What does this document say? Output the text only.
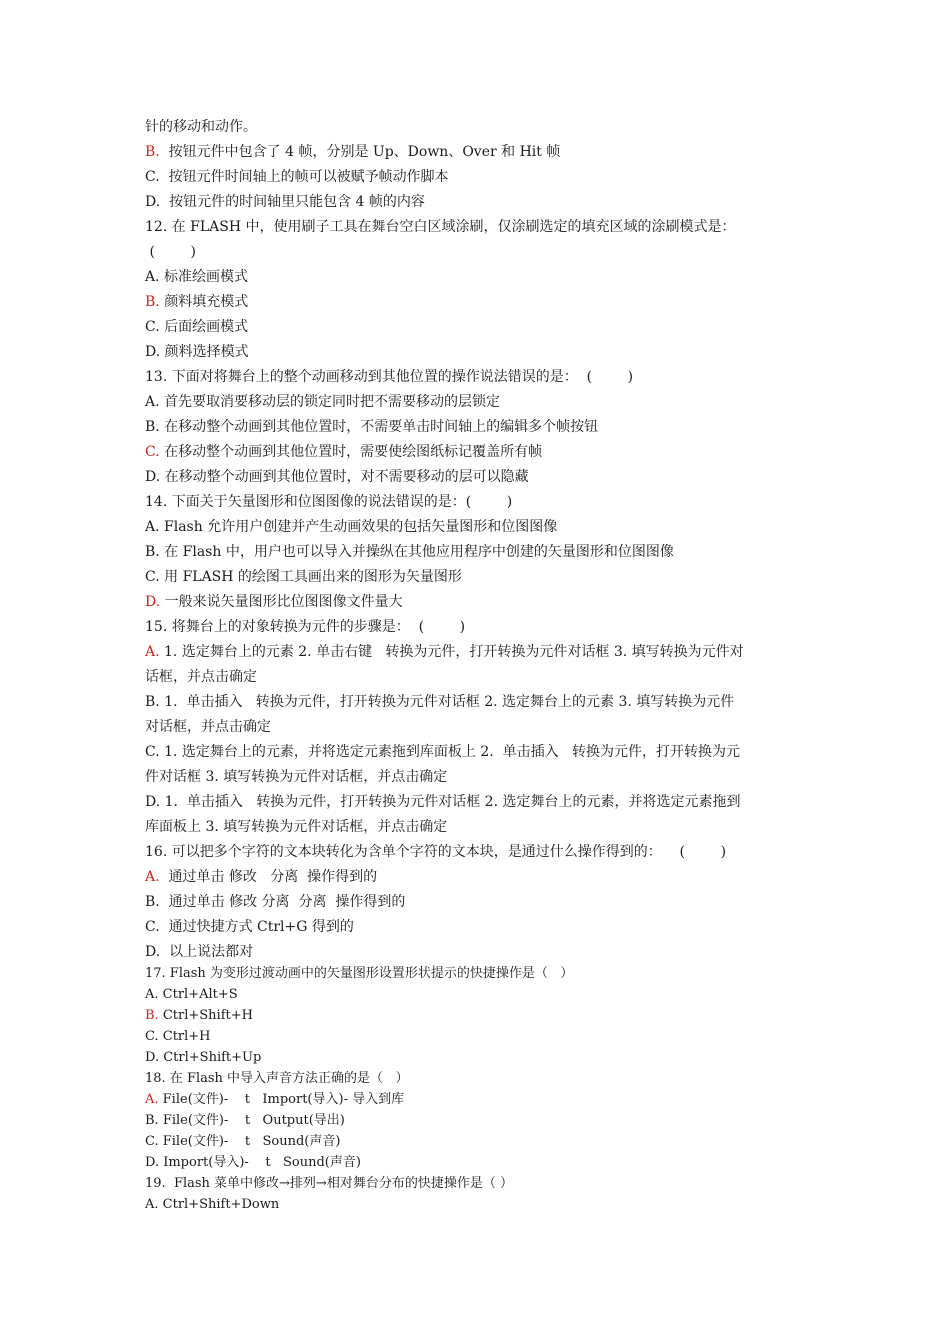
针的移动和动作。
B.  按钮元件中包含了 4 帧，分别是 Up、Down、Over 和 Hit 帧
C.  按钮元件时间轴上的帧可以被赋予帧动作脚本
D.  按钮元件的时间轴里只能包含 4 帧的内容
12. 在 FLASH 中，使用刷子工具在舞台空白区域涂刷，仅涂刷选定的填充区域的涂刷模式是：
(        )
A. 标准绘画模式
B. 颜料填充模式
C. 后面绘画模式
D. 颜料选择模式
13. 下面对将舞台上的整个动画移动到其他位置的操作说法错误的是：  (        )
A. 首先要取消要移动层的锁定同时把不需要移动的层锁定
B. 在移动整个动画到其他位置时，不需要单击时间轴上的编辑多个帧按钮
C. 在移动整个动画到其他位置时，需要使绘图纸标记覆盖所有帧
D. 在移动整个动画到其他位置时，对不需要移动的层可以隐藏
14. 下面关于矢量图形和位图图像的说法错误的是：(        )
A. Flash 允许用户创建并产生动画效果的包括矢量图形和位图图像
B. 在 Flash 中，用户也可以导入并操纵在其他应用程序中创建的矢量图形和位图图像
C. 用 FLASH 的绘图工具画出来的图形为矢量图形
D. 一般来说矢量图形比位图图像文件量大
15. 将舞台上的对象转换为元件的步骤是：  (        )
A. 1. 选定舞台上的元素 2. 单击右键   转换为元件，打开转换为元件对话框 3. 填写转换为元件对
话框，并点击确定
B. 1.  单击插入   转换为元件，打开转换为元件对话框 2. 选定舞台上的元素 3. 填写转换为元件
对话框，并点击确定
C. 1. 选定舞台上的元素，并将选定元素拖到库面板上 2.  单击插入   转换为元件，打开转换为元
件对话框 3. 填写转换为元件对话框，并点击确定
D. 1.  单击插入   转换为元件，打开转换为元件对话框 2. 选定舞台上的元素，并将选定元素拖到
库面板上 3. 填写转换为元件对话框，并点击确定
16. 可以把多个字符的文本块转化为含单个字符的文本块，是通过什么操作得到的：    (        )
A.  通过单击 修改   分离  操作得到的
B.  通过单击 修改 分离  分离  操作得到的
C.  通过快捷方式 Ctrl+G 得到的
D.  以上说法都对
17. Flash 为变形过渡动画中的矢量图形设置形状提示的快捷操作是（   ）
A. Ctrl+Alt+S
B. Ctrl+Shift+H
C. Ctrl+H
D. Ctrl+Shift+Up
18. 在 Flash 中导入声音方法正确的是（   ）
A. File(文件)-    t   Import(导入)- 导入到库
B. File(文件)-    t   Output(导出)
C. File(文件)-    t   Sound(声音)
D. Import(导入)-    t   Sound(声音)
19.  Flash 菜单中修改→排列→相对舞台分布的快捷操作是（ ）
A. Ctrl+Shift+Down
